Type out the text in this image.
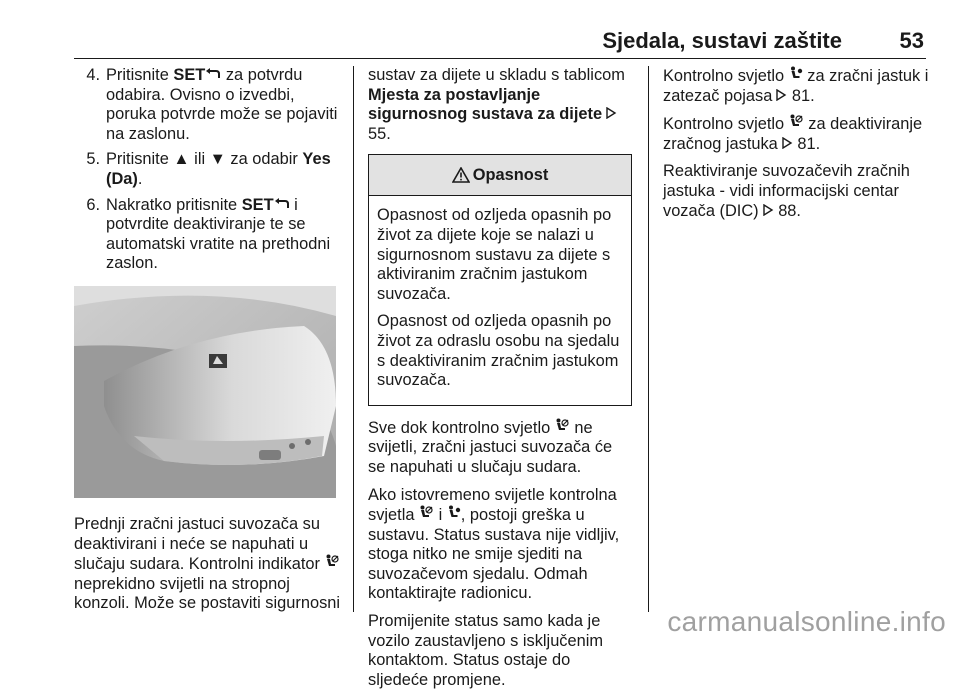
Sjedala, sustavi zaštite	53
4. Pritisnite SET za potvrdu odabira. Ovisno o izvedbi, poruka potvrde može se pojaviti na zaslonu.
5. Pritisnite ▲ ili ▼ za odabir Yes (Da).
6. Nakratko pritisnite SET i potvrdite deaktiviranje te se automatski vratite na prethodni zaslon.
Prednji zračni jastuci suvozača su deaktivirani i neće se napuhati u slučaju sudara. Kontrolni indikator  neprekidno svijetli na stropnoj konzoli. Može se postaviti sigurnosni
sustav za dijete u skladu s tablicom
Mjesta za postavljanje sigurnosnog sustava za dijete 55.
Opasnost
Opasnost od ozljeda opasnih po život za dijete koje se nalazi u sigurnosnom sustavu za dijete s aktiviranim zračnim jastukom suvozača.
Opasnost od ozljeda opasnih po život za odraslu osobu na sjedalu s deaktiviranim zračnim jastukom suvozača.
Sve dok kontrolno svjetlo  ne svijetli, zračni jastuci suvozača će se napuhati u slučaju sudara.
Ako istovremeno svijetle kontrolna svjetla  i , postoji greška u sustavu. Status sustava nije vidljiv, stoga nitko ne smije sjediti na suvozačevom sjedalu. Odmah kontaktirajte radionicu.
Promijenite status samo kada je vozilo zaustavljeno s isključenim kontaktom. Status ostaje do sljedeće promjene.
Kontrolno svjetlo  za zračni jastuk i zatezač pojasa 81.
Kontrolno svjetlo  za deaktiviranje zračnog jastuka 81.
Reaktiviranje suvozačevih zračnih jastuka - vidi informacijski centar vozača (DIC) 88.
carmanualsonline.info
